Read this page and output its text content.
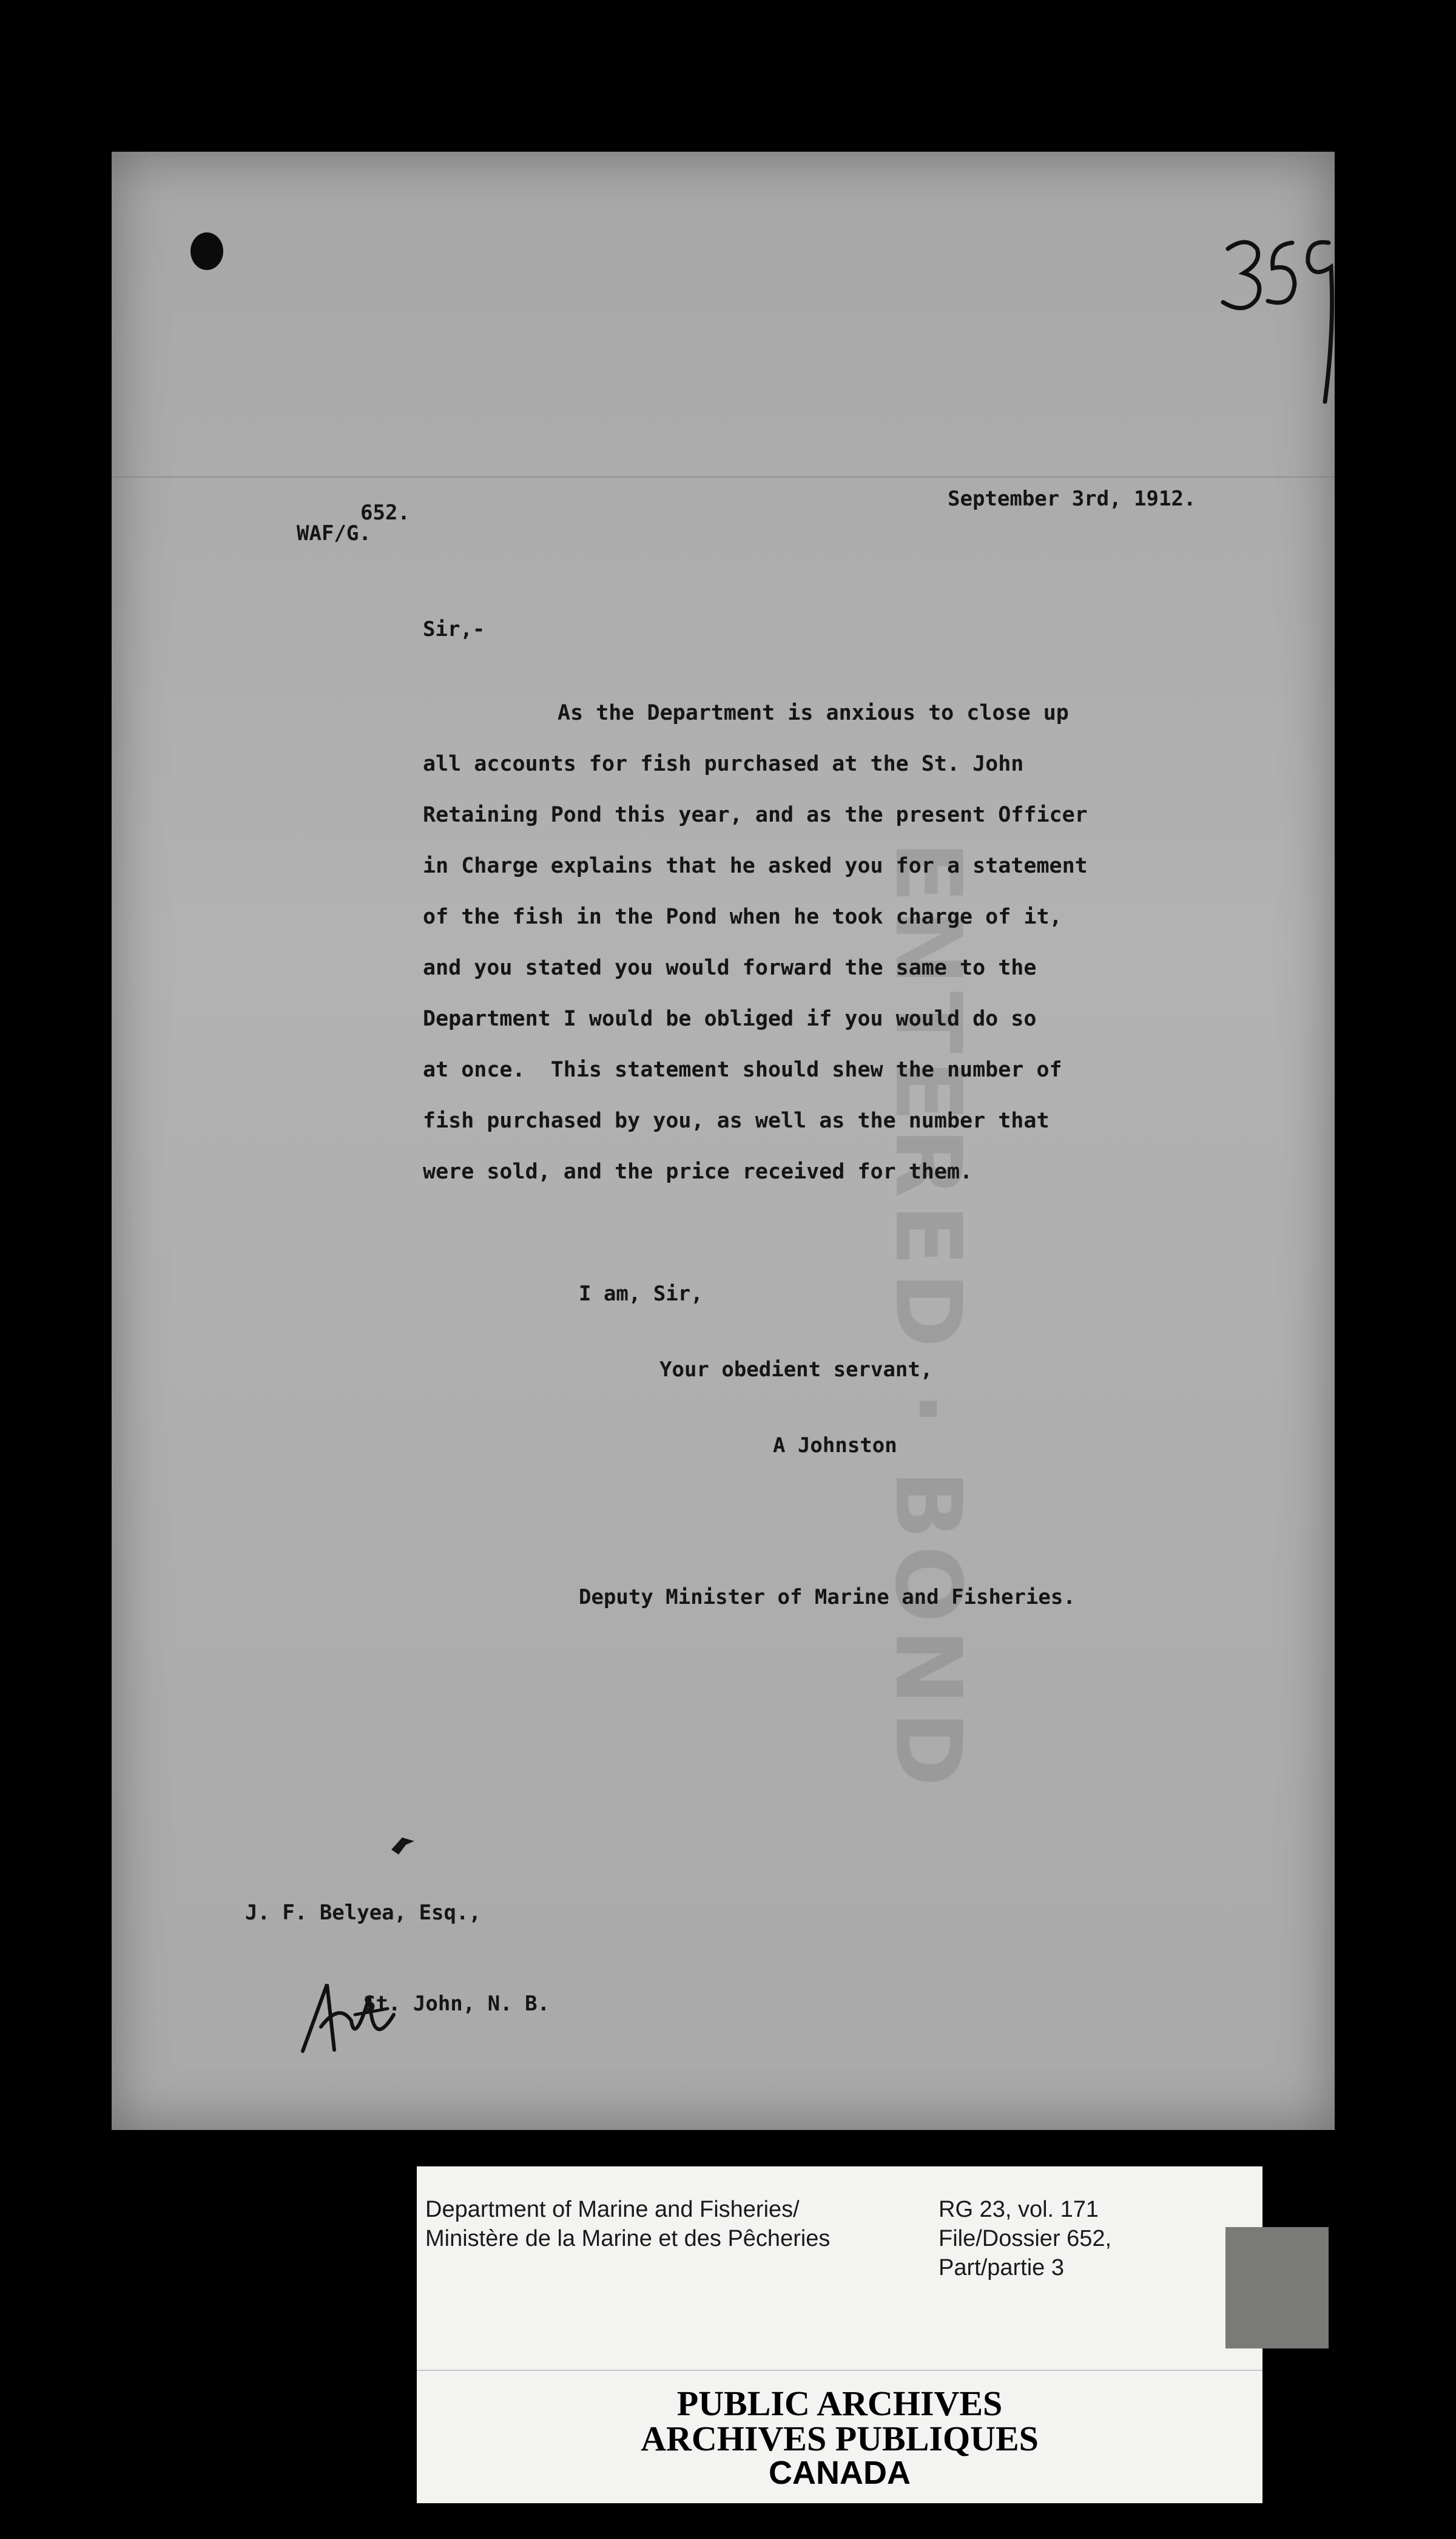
ENTERED · BOND
652.
WAF/G.
September 3rd, 1912.
Sir,-
As the Department is anxious to close up
all accounts for fish purchased at the St. John
Retaining Pond this year, and as the present Officer
in Charge explains that he asked you for a statement
of the fish in the Pond when he took charge of it,
and you stated you would forward the same to the
Department I would be obliged if you would do so
at once.  This statement should shew the number of
fish purchased by you, as well as the number that
were sold, and the price received for them.
I am, Sir,
Your obedient servant,
A Johnston
Deputy Minister of Marine and Fisheries.
J. F. Belyea, Esq.,
St. John, N. B.
Department of Marine and Fisheries/
Ministère de la Marine et des Pêcheries
RG 23, vol. 171
File/Dossier 652,
Part/partie 3
PUBLIC ARCHIVES
ARCHIVES PUBLIQUES
CANADA
